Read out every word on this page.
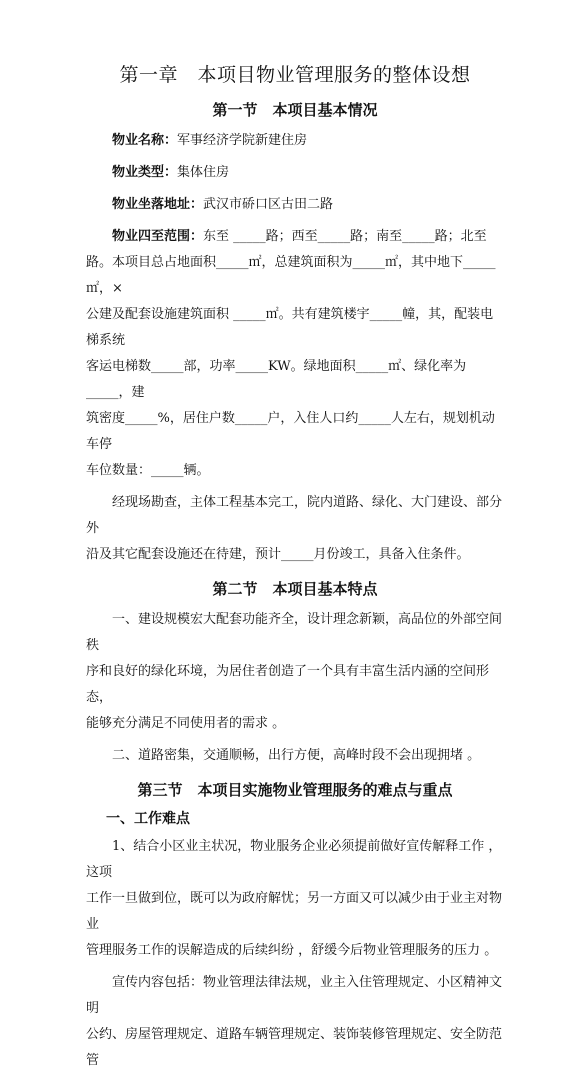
第一章　本项目物业管理服务的整体设想
第一节　本项目基本情况

物业名称：军事经济学院新建住房

物业类型：集体住房

物业坐落地址：武汉市硚口区古田二路

物业四至范围：东至 _____路；西至_____路；南至_____路；北至

路。本项目总占地面积_____㎡，总建筑面积为_____㎡，其中地下_____㎡，×

公建及配套设施建筑面积 _____㎡。共有建筑楼宇_____幢，其，配装电梯系统

客运电梯数_____部，功率_____KW。绿地面积_____㎡、绿化率为_____，建

筑密度_____%，居住户数_____户，入住人口约_____人左右，规划机动车停

车位数量：_____辆。

经现场勘查，主体工程基本完工，院内道路、绿化、大门建设、部分外

沿及其它配套设施还在待建，预计_____月份竣工，具备入住条件。

第二节　本项目基本特点

一、建设规模宏大配套功能齐全，设计理念新颖，高品位的外部空间秩

序和良好的绿化环境，为居住者创造了一个具有丰富生活内涵的空间形态，

能够充分满足不同使用者的需求 。

二、道路密集，交通顺畅，出行方便，高峰时段不会出现拥堵 。

第三节　本项目实施物业管理服务的难点与重点
一、工作难点

1、结合小区业主状况，物业服务企业必须提前做好宣传解释工作 ，这项

工作一旦做到位，既可以为政府解忧；另一方面又可以减少由于业主对物业

管理服务工作的误解造成的后续纠纷 ，舒缓今后物业管理服务的压力 。

宣传内容包括：物业管理法律法规，业主入住管理规定、小区精神文明

公约、房屋管理规定、道路车辆管理规定、装饰装修管理规定、安全防范管
